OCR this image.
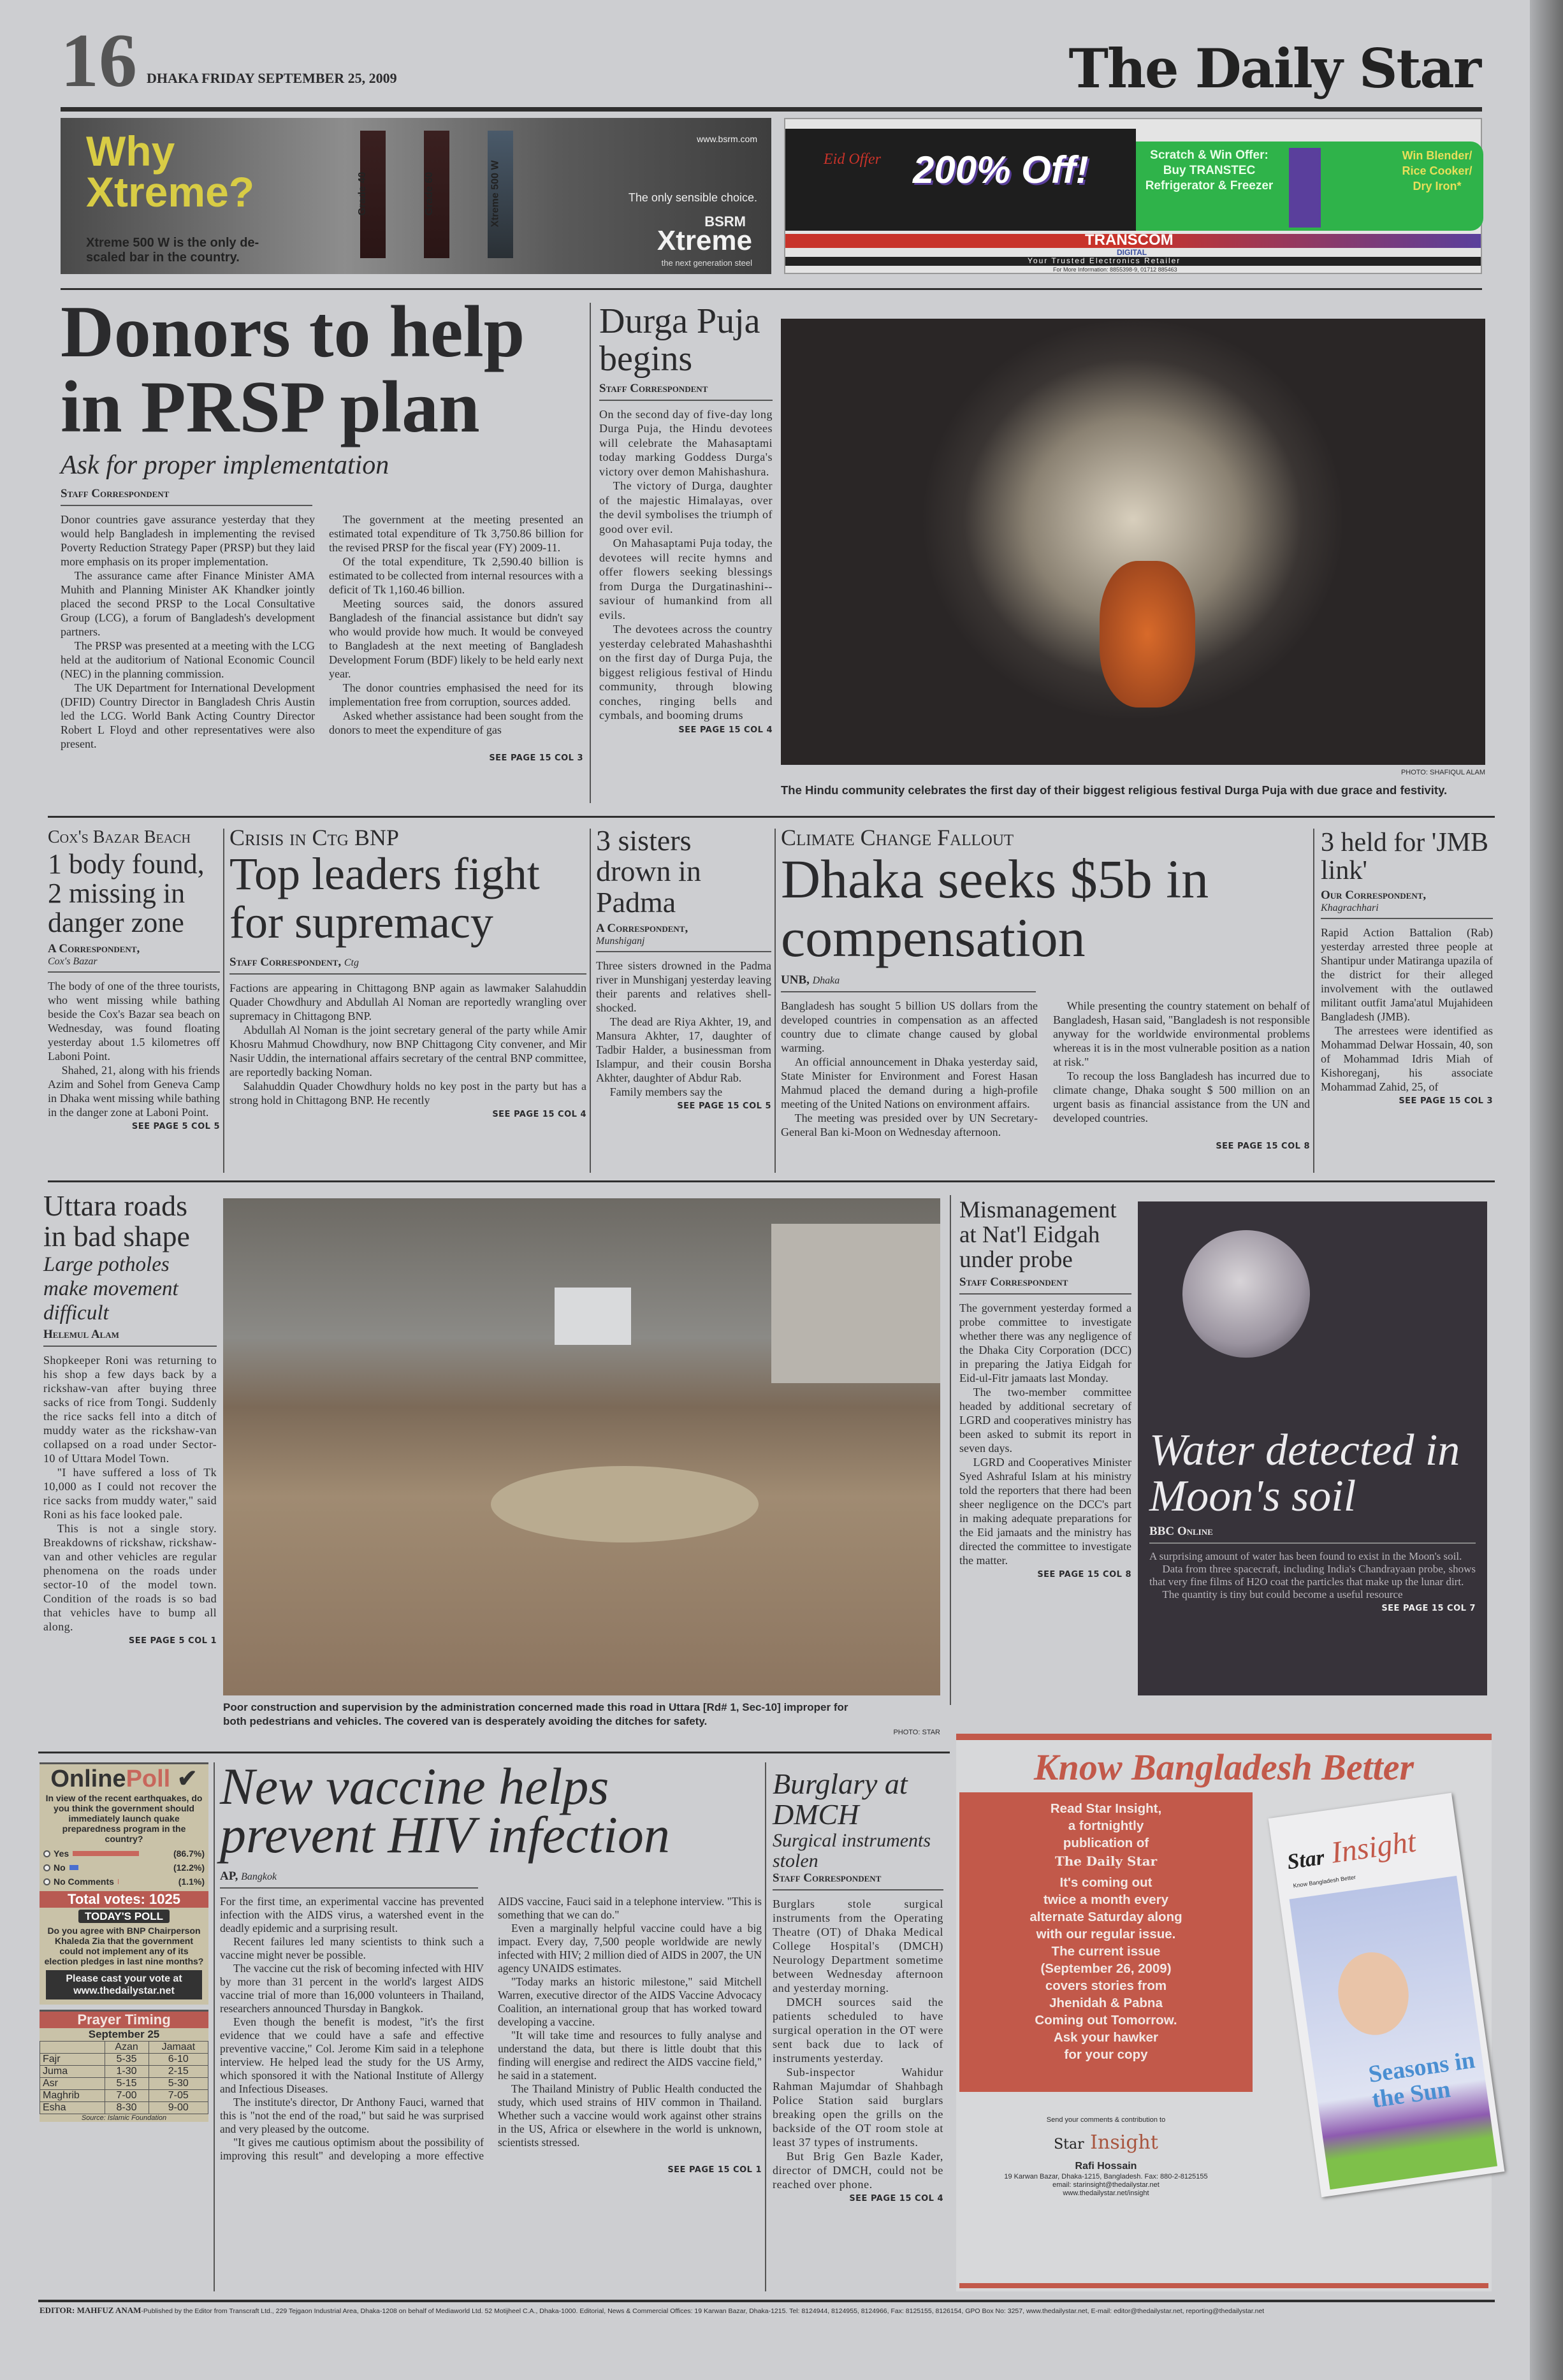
16 DHAKA FRIDAY SEPTEMBER 25, 2009	The Daily Star
Why
Xtreme?
Xtreme 500 W is the only de-scaled bar in the country.
Grade 40	Grade 60	Xtreme 500 W
www.bsrm.com
The only sensible choice.
BSRM
Xtreme
the next generation steel
Eid Offer 200% Off!	Scratch & Win Offer:
Buy TRANSTEC Refrigerator & Freezer
Win Blender/ Rice Cooker/ Dry Iron*
TRANSCOM
DIGITAL
Your Trusted Electronics Retailer
For More Information: 8855398-9, 01712 885463
Donors to help in PRSP plan
Ask for proper implementation
Staff Correspondent

Donor countries gave assurance yesterday that they would help Bangladesh in implementing the revised Poverty Reduction Strategy Paper (PRSP) but they laid more emphasis on its proper implementation.

The assurance came after Finance Minister AMA Muhith and Planning Minister AK Khandker jointly placed the second PRSP to the Local Consultative Group (LCG), a forum of Bangladesh's development partners.

The PRSP was presented at a meeting with the LCG held at the auditorium of National Economic Council (NEC) in the planning commission.

The UK Department for International Development (DFID) Country Director in Bangladesh Chris Austin led the LCG. World Bank Acting Country Director Robert L Floyd and other representatives were also present.

The government at the meeting presented an estimated total expenditure of Tk 3,750.86 billion for the revised PRSP for the fiscal year (FY) 2009-11.

Of the total expenditure, Tk 2,590.40 billion is estimated to be collected from internal resources with a deficit of Tk 1,160.46 billion.

Meeting sources said, the donors assured Bangladesh of the financial assistance but didn't say who would provide how much. It would be conveyed to Bangladesh at the next meeting of Bangladesh Development Forum (BDF) likely to be held early next year.

The donor countries emphasised the need for its implementation free from corruption, sources added.

Asked whether assistance had been sought from the donors to meet the expenditure of gas

SEE PAGE 15 COL 3
Durga Puja begins
Staff Correspondent

On the second day of five-day long Durga Puja, the Hindu devotees will celebrate the Mahasaptami today marking Goddess Durga's victory over demon Mahishashura.

The victory of Durga, daughter of the majestic Himalayas, over the devil symbolises the triumph of good over evil.

On Mahasaptami Puja today, the devotees will recite hymns and offer flowers seeking blessings from Durga the Durgatinashini--saviour of humankind from all evils.

The devotees across the country yesterday celebrated Mahashashthi on the first day of Durga Puja, the biggest religious festival of Hindu community, through blowing conches, ringing bells and cymbals, and booming drums

SEE PAGE 15 COL 4
PHOTO: SHAFIQUL ALAM
The Hindu community celebrates the first day of their biggest religious festival Durga Puja with due grace and festivity.
Cox's Bazar Beach
1 body found, 2 missing in danger zone
A Correspondent,
Cox's Bazar

The body of one of the three tourists, who went missing while bathing beside the Cox's Bazar sea beach on Wednesday, was found floating yesterday about 1.5 kilometres off Laboni Point.

Shahed, 21, along with his friends Azim and Sohel from Geneva Camp in Dhaka went missing while bathing in the danger zone at Laboni Point.

SEE PAGE 5 COL 5
Crisis in Ctg BNP
Top leaders fight for supremacy
Staff Correspondent, Ctg

Factions are appearing in Chittagong BNP again as lawmaker Salahuddin Quader Chowdhury and Abdullah Al Noman are reportedly wrangling over supremacy in Chittagong BNP.

Abdullah Al Noman is the joint secretary general of the party while Amir Khosru Mahmud Chowdhury, now BNP Chittagong City convener, and Mir Nasir Uddin, the international affairs secretary of the central BNP committee, are reportedly backing Noman.

Salahuddin Quader Chowdhury holds no key post in the party but has a strong hold in Chittagong BNP. He recently

SEE PAGE 15 COL 4
3 sisters drown in Padma
A Correspondent,
Munshiganj

Three sisters drowned in the Padma river in Munshiganj yesterday leaving their parents and relatives shell-shocked.

The dead are Riya Akhter, 19, and Mansura Akhter, 17, daughter of Tadbir Halder, a businessman from Islampur, and their cousin Borsha Akhter, daughter of Abdur Rab.

Family members say the

SEE PAGE 15 COL 5
Climate Change Fallout
Dhaka seeks $5b in compensation
UNB, Dhaka

Bangladesh has sought 5 billion US dollars from the developed countries in compensation as an affected country due to climate change caused by global warming.

An official announcement in Dhaka yesterday said, State Minister for Environment and Forest Hasan Mahmud placed the demand during a high-profile meeting of the United Nations on environment affairs.

The meeting was presided over by UN Secretary-General Ban ki-Moon on Wednesday afternoon.

While presenting the country statement on behalf of Bangladesh, Hasan said, "Bangladesh is not responsible anyway for the worldwide environmental problems whereas it is in the most vulnerable position as a nation at risk."

To recoup the loss Bangladesh has incurred due to climate change, Dhaka sought $ 500 million on an urgent basis as financial assistance from the UN and developed countries.

SEE PAGE 15 COL 8
3 held for 'JMB link'
Our Correspondent,
Khagrachhari

Rapid Action Battalion (Rab) yesterday arrested three people at Shantipur under Matiranga upazila of the district for their alleged involvement with the outlawed militant outfit Jama'atul Mujahideen Bangladesh (JMB).

The arrestees were identified as Mohammad Delwar Hossain, 40, son of Mohammad Idris Miah of Kishoreganj, his associate Mohammad Zahid, 25, of

SEE PAGE 15 COL 3
Uttara roads in bad shape
Large potholes make movement difficult
Helemul Alam

Shopkeeper Roni was returning to his shop a few days back by a rickshaw-van after buying three sacks of rice from Tongi. Suddenly the rice sacks fell into a ditch of muddy water as the rickshaw-van collapsed on a road under Sector-10 of Uttara Model Town.

"I have suffered a loss of Tk 10,000 as I could not recover the rice sacks from muddy water," said Roni as his face looked pale.

This is not a single story. Breakdowns of rickshaw, rickshaw-van and other vehicles are regular phenomena on the roads under sector-10 of the model town. Condition of the roads is so bad that vehicles have to bump all along.

SEE PAGE 5 COL 1
Poor construction and supervision by the administration concerned made this road in Uttara [Rd# 1, Sec-10] improper for both pedestrians and vehicles. The covered van is desperately avoiding the ditches for safety.
PHOTO: STAR
Mismanagement at Nat'l Eidgah under probe
Staff Correspondent

The government yesterday formed a probe committee to investigate whether there was any negligence of the Dhaka City Corporation (DCC) in preparing the Jatiya Eidgah for Eid-ul-Fitr jamaats last Monday.

The two-member committee headed by additional secretary of LGRD and cooperatives ministry has been asked to submit its report in seven days.

LGRD and Cooperatives Minister Syed Ashraful Islam at his ministry told the reporters that there had been sheer negligence on the DCC's part in making adequate preparations for the Eid jamaats and the ministry has directed the committee to investigate the matter.

SEE PAGE 15 COL 8
Water detected in Moon's soil
BBC Online

A surprising amount of water has been found to exist in the Moon's soil.

Data from three spacecraft, including India's Chandrayaan probe, shows that very fine films of H2O coat the particles that make up the lunar dirt.

The quantity is tiny but could become a useful resource

SEE PAGE 15 COL 7
OnlinePoll ✔
In view of the recent earthquakes, do you think the government should immediately launch quake preparedness program in the country?
Yes	(86.7%)
No	(12.2%)
No Comments	(1.1%)
Total votes: 1025
TODAY'S POLL
Do you agree with BNP Chairperson Khaleda Zia that the government could not implement any of its election pledges in last nine months?
Please cast your vote at www.thedailystar.net
Prayer Timing
September 25
	Azan	Jamaat
Fajr	5-35	6-10
Juma	1-30	2-15
Asr	5-15	5-30
Maghrib	7-00	7-05
Esha	8-30	9-00
Source: Islamic Foundation
New vaccine helps prevent HIV infection
AP, Bangkok

For the first time, an experimental vaccine has prevented infection with the AIDS virus, a watershed event in the deadly epidemic and a surprising result.

Recent failures led many scientists to think such a vaccine might never be possible.

The vaccine cut the risk of becoming infected with HIV by more than 31 percent in the world's largest AIDS vaccine trial of more than 16,000 volunteers in Thailand, researchers announced Thursday in Bangkok.

Even though the benefit is modest, "it's the first evidence that we could have a safe and effective preventive vaccine," Col. Jerome Kim said in a telephone interview. He helped lead the study for the US Army, which sponsored it with the National Institute of Allergy and Infectious Diseases.

The institute's director, Dr Anthony Fauci, warned that this is "not the end of the road," but said he was surprised and very pleased by the outcome.

"It gives me cautious optimism about the possibility of improving this result" and developing a more effective AIDS vaccine, Fauci said in a telephone interview. "This is something that we can do."

Even a marginally helpful vaccine could have a big impact. Every day, 7,500 people worldwide are newly infected with HIV; 2 million died of AIDS in 2007, the UN agency UNAIDS estimates.

"Today marks an historic milestone," said Mitchell Warren, executive director of the AIDS Vaccine Advocacy Coalition, an international group that has worked toward developing a vaccine.

"It will take time and resources to fully analyse and understand the data, but there is little doubt that this finding will energise and redirect the AIDS vaccine field," he said in a statement.

The Thailand Ministry of Public Health conducted the study, which used strains of HIV common in Thailand. Whether such a vaccine would work against other strains in the US, Africa or elsewhere in the world is unknown, scientists stressed.

SEE PAGE 15 COL 1
Burglary at DMCH
Surgical instruments stolen
Staff Correspondent

Burglars stole surgical instruments from the Operating Theatre (OT) of Dhaka Medical College Hospital's (DMCH) Neurology Department sometime between Wednesday afternoon and yesterday morning.

DMCH sources said the patients scheduled to have surgical operation in the OT were sent back due to lack of instruments yesterday.

Sub-inspector Wahidur Rahman Majumdar of Shahbagh Police Station said burglars breaking open the grills on the backside of the OT room stole at least 37 types of instruments.

But Brig Gen Bazle Kader, director of DMCH, could not be reached over phone.

SEE PAGE 15 COL 4
Know Bangladesh Better
Read Star Insight,
a fortnightly
publication of
The Daily Star
It's coming out
twice a month every
alternate Saturday along
with our regular issue.
The current issue
(September 26, 2009)
covers stories from
Jhenidah & Pabna
Coming out Tomorrow.
Ask your hawker
for your copy
Star Insight
Know Bangladesh Better
Seasons in the Sun
Send your comments & contribution to
Star Insight
Rafi Hossain
19 Karwan Bazar, Dhaka-1215, Bangladesh. Fax: 880-2-8125155
email: starinsight@thedailystar.net
www.thedailystar.net/insight
EDITOR: MAHFUZ ANAM-Published by the Editor from Transcraft Ltd., 229 Tejgaon Industrial Area, Dhaka-1208 on behalf of Mediaworld Ltd. 52 Motijheel C.A., Dhaka-1000. Editorial, News & Commercial Offices: 19 Karwan Bazar, Dhaka-1215. Tel: 8124944, 8124955, 8124966, Fax: 8125155, 8126154, GPO Box No: 3257, www.thedailystar.net, E-mail: editor@thedailystar.net, reporting@thedailystar.net
